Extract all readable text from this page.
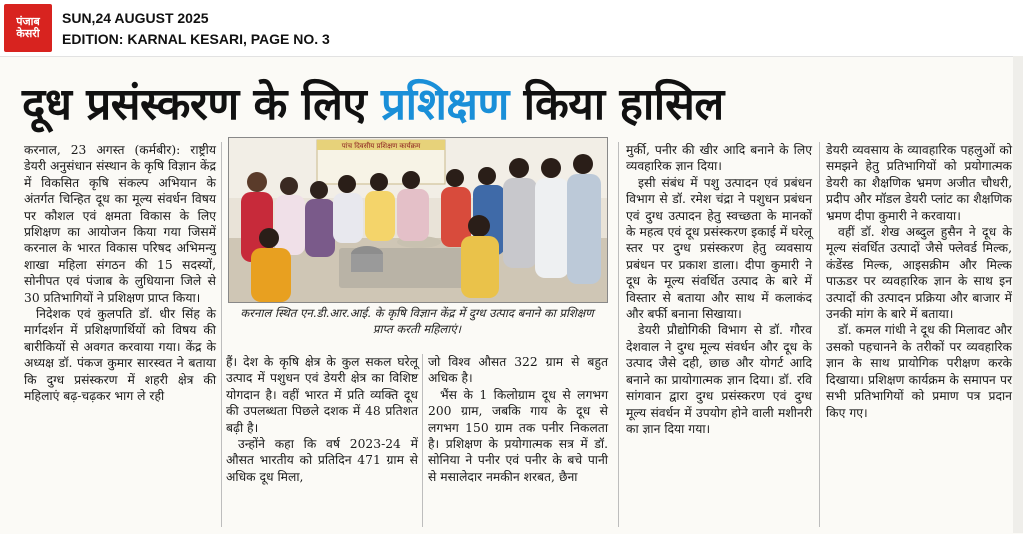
पंजाब
केसरी
SUN,24 AUGUST 2025
EDITION: KARNAL KESARI, PAGE NO. 3
दूध प्रसंस्करण के लिए प्रशिक्षण किया हासिल

करनाल, 23 अगस्त (कर्मबीर): राष्ट्रीय डेयरी अनुसंधान संस्थान के कृषि विज्ञान केंद्र में विकसित कृषि संकल्प अभियान के अंतर्गत चिन्हित दूध का मूल्य संवर्धन विषय पर कौशल एवं क्षमता विकास के लिए प्रशिक्षण का आयोजन किया गया जिसमें करनाल के भारत विकास परिषद अभिमन्यु शाखा महिला संगठन की 15 सदस्यों, सोनीपत एवं पंजाब के लुधियाना जिले से 30 प्रतिभागियों ने प्रशिक्षण प्राप्त किया।

निदेशक एवं कुलपति डॉ. धीर सिंह के मार्गदर्शन में प्रशिक्षणार्थियों को विषय की बारीकियों से अवगत करवाया गया। केंद्र के अध्यक्ष डॉ. पंकज कुमार सारस्वत ने बताया कि दुग्ध प्रसंस्करण में शहरी क्षेत्र की महिलाएं बढ़-चढ़कर भाग ले रही

पांच दिवसीय प्रशिक्षण कार्यक्रम
करनाल स्थित एन.डी.आर.आई. के कृषि विज्ञान केंद्र में दुग्ध उत्पाद बनाने का प्रशिक्षण प्राप्त करती महिलाएं।

हैं। देश के कृषि क्षेत्र के कुल सकल घरेलू उत्पाद में पशुधन एवं डेयरी क्षेत्र का विशिष्ट योगदान है। वहीं भारत में प्रति व्यक्ति दूध की उपलब्धता पिछले दशक में 48 प्रतिशत बढ़ी है।

उन्होंने कहा कि वर्ष 2023-24 में औसत भारतीय को प्रतिदिन 471 ग्राम से अधिक दूध मिला,

जो विश्व औसत 322 ग्राम से बहुत अधिक है।

भैंस के 1 किलोग्राम दूध से लगभग 200 ग्राम, जबकि गाय के दूध से लगभग 150 ग्राम तक पनीर निकलता है। प्रशिक्षण के प्रयोगात्मक सत्र में डॉ. सोनिया ने पनीर एवं पनीर के बचे पानी से मसालेदार नमकीन शरबत, छैना

मुर्की, पनीर की खीर आदि बनाने के लिए व्यवहारिक ज्ञान दिया।

इसी संबंध में पशु उत्पादन एवं प्रबंधन विभाग से डॉ. रमेश चंद्रा ने पशुधन प्रबंधन एवं दुग्ध उत्पादन हेतु स्वच्छता के मानकों के महत्व एवं दूध प्रसंस्करण इकाई में घरेलू स्तर पर दुग्ध प्रसंस्करण हेतु व्यवसाय प्रबंधन पर प्रकाश डाला। दीपा कुमारी ने दूध के मूल्य संवर्धित उत्पाद के बारे में विस्तार से बताया और साथ में कलाकंद और बर्फी बनाना सिखाया।

डेयरी प्रौद्योगिकी विभाग से डॉ. गौरव देशवाल ने दुग्ध मूल्य संवर्धन और दूध के उत्पाद जैसे दही, छाछ और योगर्ट आदि बनाने का प्रायोगात्मक ज्ञान दिया। डॉ. रवि सांगवान द्वारा दुग्ध प्रसंस्करण एवं दुग्ध मूल्य संवर्धन में उपयोग होने वाली मशीनरी का ज्ञान दिया गया।

डेयरी व्यवसाय के व्यावहारिक पहलुओं को समझने हेतु प्रतिभागियों को प्रयोगात्मक डेयरी का शैक्षणिक भ्रमण अजीत चौधरी, प्रदीप और मॉडल डेयरी प्लांट का शैक्षणिक भ्रमण दीपा कुमारी ने करवाया।

वहीं डॉ. शेख अब्दुल हुसैन ने दूध के मूल्य संवर्धित उत्पादों जैसे फ्लेवर्ड मिल्क, कंडेंस्ड मिल्क, आइसक्रीम और मिल्क पाऊडर पर व्यवहारिक ज्ञान के साथ इन उत्पादों की उत्पादन प्रक्रिया और बाजार में उनकी मांग के बारे में बताया।

डॉ. कमल गांधी ने दूध की मिलावट और उसको पहचानने के तरीकों पर व्यवहारिक ज्ञान के साथ प्रायोगिक परीक्षण करके दिखाया। प्रशिक्षण कार्यक्रम के समापन पर सभी प्रतिभागियों को प्रमाण पत्र प्रदान किए गए।
